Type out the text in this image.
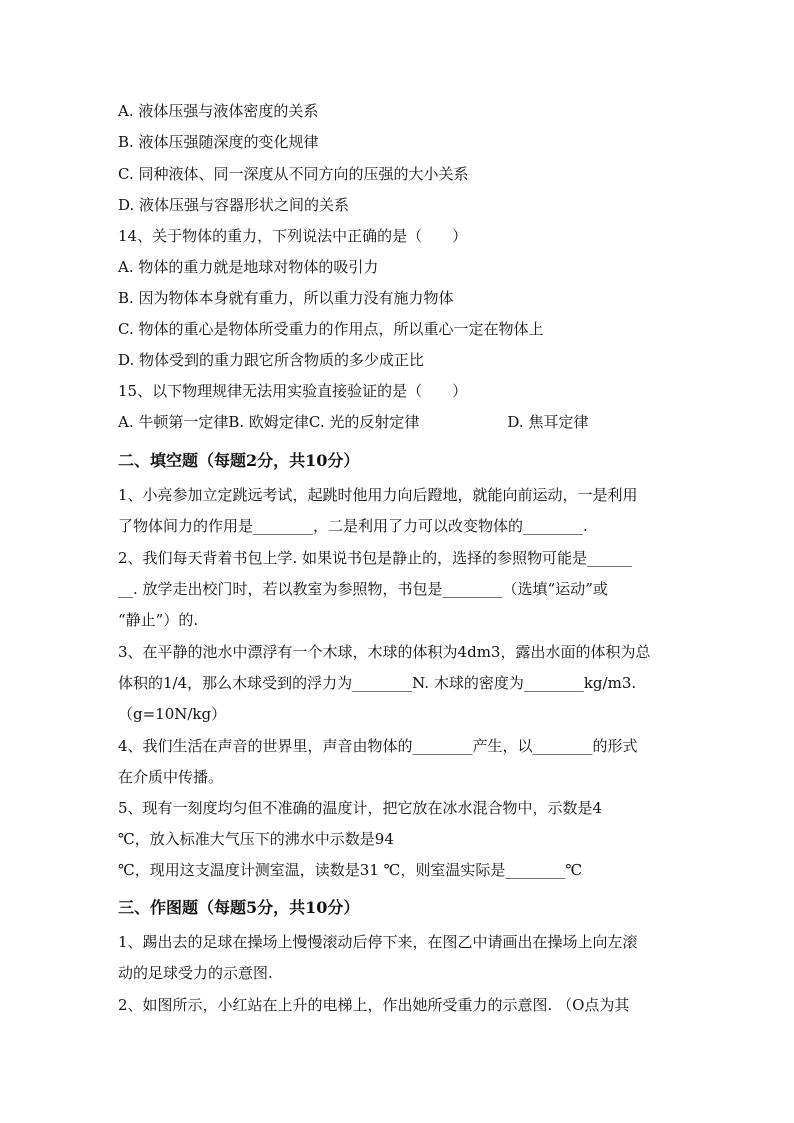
A. 液体压强与液体密度的关系
B. 液体压强随深度的变化规律
C. 同种液体、同一深度从不同方向的压强的大小关系
D. 液体压强与容器形状之间的关系
14、关于物体的重力，下列说法中正确的是（　　）
A. 物体的重力就是地球对物体的吸引力
B. 因为物体本身就有重力，所以重力没有施力物体
C. 物体的重心是物体所受重力的作用点，所以重心一定在物体上
D. 物体受到的重力跟它所含物质的多少成正比
15、以下物理规律无法用实验直接验证的是（　　）
A. 牛顿第一定律B. 欧姆定律C. 光的反射定律	D. 焦耳定律
二、填空题（每题2分，共10分）
1、小亮参加立定跳远考试，起跳时他用力向后蹬地，就能向前运动，一是利用
了物体间力的作用是________，二是利用了力可以改变物体的________.
2、我们每天背着书包上学. 如果说书包是静止的，选择的参照物可能是______
__. 放学走出校门时，若以教室为参照物，书包是________（选填“运动”或
“静止”）的.
3、在平静的池水中漂浮有一个木球，木球的体积为4dm3，露出水面的体积为总
体积的1/4，那么木球受到的浮力为________N. 木球的密度为________kg/m3.
（g=10N/kg）
4、我们生活在声音的世界里，声音由物体的________产生，以________的形式
在介质中传播。
5、现有一刻度均匀但不准确的温度计，把它放在冰水混合物中，示数是4
℃，放入标准大气压下的沸水中示数是94
℃，现用这支温度计测室温，读数是31 ℃，则室温实际是________℃
三、作图题（每题5分，共10分）
1、踢出去的足球在操场上慢慢滚动后停下来，在图乙中请画出在操场上向左滚
动的足球受力的示意图.
2、如图所示，小红站在上升的电梯上，作出她所受重力的示意图. （O点为其
